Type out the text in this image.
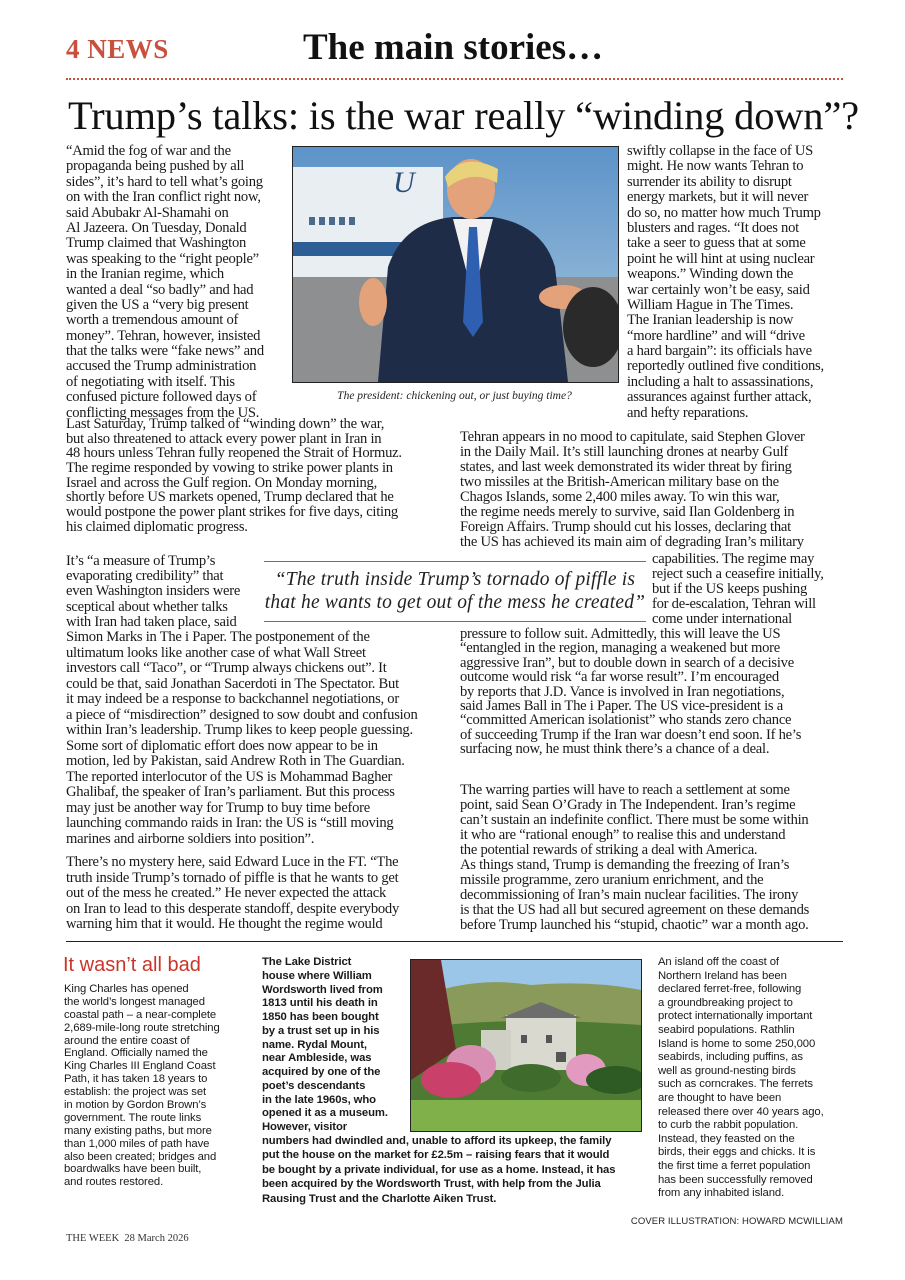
4 NEWS	The main stories…
Trump’s talks: is the war really “winding down”?
“Amid the fog of war and the
propaganda being pushed by all
sides”, it’s hard to tell what’s going
on with the Iran conflict right now,
said Abubakr Al-Shamahi on
Al Jazeera. On Tuesday, Donald
Trump claimed that Washington
was speaking to the “right people”
in the Iranian regime, which
wanted a deal “so badly” and had
given the US a “very big present
worth a tremendous amount of
money”. Tehran, however, insisted
that the talks were “fake news” and
accused the Trump administration
of negotiating with itself. This
confused picture followed days of
conflicting messages from the US.
U
The president: chickening out, or just buying time?
swiftly collapse in the face of US
might. He now wants Tehran to
surrender its ability to disrupt
energy markets, but it will never
do so, no matter how much Trump
blusters and rages. “It does not
take a seer to guess that at some
point he will hint at using nuclear
weapons.” Winding down the
war certainly won’t be easy, said
William Hague in The Times.
The Iranian leadership is now
“more hardline” and will “drive
a hard bargain”: its officials have
reportedly outlined five conditions,
including a halt to assassinations,
assurances against further attack,
and hefty reparations.
Last Saturday, Trump talked of “winding down” the war,
but also threatened to attack every power plant in Iran in
48 hours unless Tehran fully reopened the Strait of Hormuz.
The regime responded by vowing to strike power plants in
Israel and across the Gulf region. On Monday morning,
shortly before US markets opened, Trump declared that he
would postpone the power plant strikes for five days, citing
his claimed diplomatic progress.
Tehran appears in no mood to capitulate, said Stephen Glover
in the Daily Mail. It’s still launching drones at nearby Gulf
states, and last week demonstrated its wider threat by firing
two missiles at the British-American military base on the
Chagos Islands, some 2,400 miles away. To win this war,
the regime needs merely to survive, said Ilan Goldenberg in
Foreign Affairs. Trump should cut his losses, declaring that
the US has achieved its main aim of degrading Iran’s military
capabilities. The regime may
reject such a ceasefire initially,
but if the US keeps pushing
for de-escalation, Tehran will
come under international
“The truth inside Trump’s tornado of piffle is
that he wants to get out of the mess he created”
It’s “a measure of Trump’s
evaporating credibility” that
even Washington insiders were
sceptical about whether talks
with Iran had taken place, said
Simon Marks in The i Paper. The postponement of the
ultimatum looks like another case of what Wall Street
investors call “Taco”, or “Trump always chickens out”. It
could be that, said Jonathan Sacerdoti in The Spectator. But
it may indeed be a response to backchannel negotiations, or
a piece of “misdirection” designed to sow doubt and confusion
within Iran’s leadership. Trump likes to keep people guessing.
Some sort of diplomatic effort does now appear to be in
motion, led by Pakistan, said Andrew Roth in The Guardian.
The reported interlocutor of the US is Mohammad Bagher
Ghalibaf, the speaker of Iran’s parliament. But this process
may just be another way for Trump to buy time before
launching commando raids in Iran: the US is “still moving
marines and airborne soldiers into position”.
pressure to follow suit. Admittedly, this will leave the US
“entangled in the region, managing a weakened but more
aggressive Iran”, but to double down in search of a decisive
outcome would risk “a far worse result”. I’m encouraged
by reports that J.D. Vance is involved in Iran negotiations,
said James Ball in The i Paper. The US vice-president is a
“committed American isolationist” who stands zero chance
of succeeding Trump if the Iran war doesn’t end soon. If he’s
surfacing now, he must think there’s a chance of a deal.
The warring parties will have to reach a settlement at some
point, said Sean O’Grady in The Independent. Iran’s regime
can’t sustain an indefinite conflict. There must be some within
it who are “rational enough” to realise this and understand
the potential rewards of striking a deal with America.
As things stand, Trump is demanding the freezing of Iran’s
missile programme, zero uranium enrichment, and the
decommissioning of Iran’s main nuclear facilities. The irony
is that the US had all but secured agreement on these demands
before Trump launched his “stupid, chaotic” war a month ago.
There’s no mystery here, said Edward Luce in the FT. “The
truth inside Trump’s tornado of piffle is that he wants to get
out of the mess he created.” He never expected the attack
on Iran to lead to this desperate standoff, despite everybody
warning him that it would. He thought the regime would
It wasn’t all bad
King Charles has opened
the world’s longest managed
coastal path – a near-complete
2,689-mile-long route stretching
around the entire coast of
England. Officially named the
King Charles III England Coast
Path, it has taken 18 years to
establish: the project was set
in motion by Gordon Brown’s
government. The route links
many existing paths, but more
than 1,000 miles of path have
also been created; bridges and
boardwalks have been built,
and routes restored.
The Lake District
house where William
Wordsworth lived from
1813 until his death in
1850 has been bought
by a trust set up in his
name. Rydal Mount,
near Ambleside, was
acquired by one of the
poet’s descendants
in the late 1960s, who
opened it as a museum.
However, visitor
numbers had dwindled and, unable to afford its upkeep, the family
put the house on the market for £2.5m – raising fears that it would
be bought by a private individual, for use as a home. Instead, it has
been acquired by the Wordsworth Trust, with help from the Julia
Rausing Trust and the Charlotte Aiken Trust.
An island off the coast of
Northern Ireland has been
declared ferret-free, following
a groundbreaking project to
protect internationally important
seabird populations. Rathlin
Island is home to some 250,000
seabirds, including puffins, as
well as ground-nesting birds
such as corncrakes. The ferrets
are thought to have been
released there over 40 years ago,
to curb the rabbit population.
Instead, they feasted on the
birds, their eggs and chicks. It is
the first time a ferret population
has been successfully removed
from any inhabited island.
COVER ILLUSTRATION: HOWARD MCWILLIAM
THE WEEK 28 March 2026
